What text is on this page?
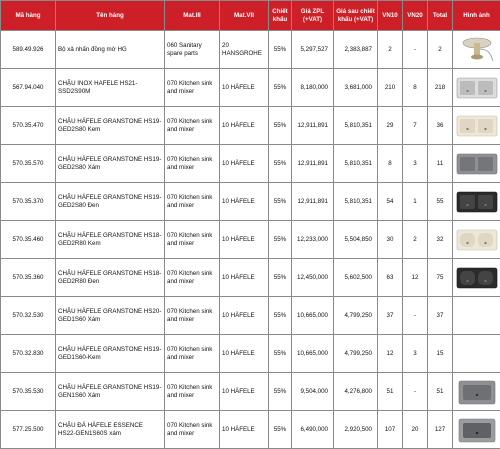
Mã hàng	Tên hàng	Mat.III	Mat.VII	Chiết khấu	Giá ZPL (+VAT)	Giá sau chiết khấu (+VAT)	VN10	VN20	Total	Hình ảnh
589.49.926	Bộ xả nhấn đồng mờ HG	060 Sanitary spare parts	20 HANSGROHE	55%	5,297,527	2,383,887	2	-	2	
567.94.040	CHẬU INOX HAFELE HS21-SSD2S90M	070 Kitchen sink and mixer	10 HÄFELE	55%	8,180,000	3,681,000	210	8	218	
570.35.470	CHẬU HÄFELE GRANSTONE HS19-GED2S80 Kem	070 Kitchen sink and mixer	10 HÄFELE	55%	12,911,891	5,810,351	29	7	36	
570.35.570	CHẬU HÄFELE GRANSTONE HS19-GED2S80 Xám	070 Kitchen sink and mixer	10 HÄFELE	55%	12,911,891	5,810,351	8	3	11	
570.35.370	CHẬU HÄFELE GRANSTONE HS19-GED2S80 Đen	070 Kitchen sink and mixer	10 HÄFELE	55%	12,911,891	5,810,351	54	1	55	
570.35.460	CHẬU HÄFELE GRANSTONE HS18-GED2R80 Kem	070 Kitchen sink and mixer	10 HÄFELE	55%	12,233,000	5,504,850	30	2	32	
570.35.360	CHẬU HÄFELE GRANSTONE HS18-GED2R80 Đen	070 Kitchen sink and mixer	10 HÄFELE	55%	12,450,000	5,602,500	63	12	75	
570.32.530	CHẬU HÄFELE GRANSTONE HS20-GED1S60 Xám	070 Kitchen sink and mixer	10 HÄFELE	55%	10,665,000	4,799,250	37	-	37	
570.32.830	CHẬU HÄFELE GRANSTONE HS19-GED1S60-Kem	070 Kitchen sink and mixer	10 HÄFELE	55%	10,665,000	4,799,250	12	3	15	
570.35.530	CHẬU HÄFELE GRANSTONE HS19-GEN1S60 Xám	070 Kitchen sink and mixer	10 HÄFELE	55%	9,504,000	4,276,800	51	-	51	
577.25.500	CHẬU ĐÁ HÄFELE ESSENCE HS22-GEN1S60S xám	070 Kitchen sink and mixer	10 HÄFELE	55%	6,490,000	2,920,500	107	20	127	
